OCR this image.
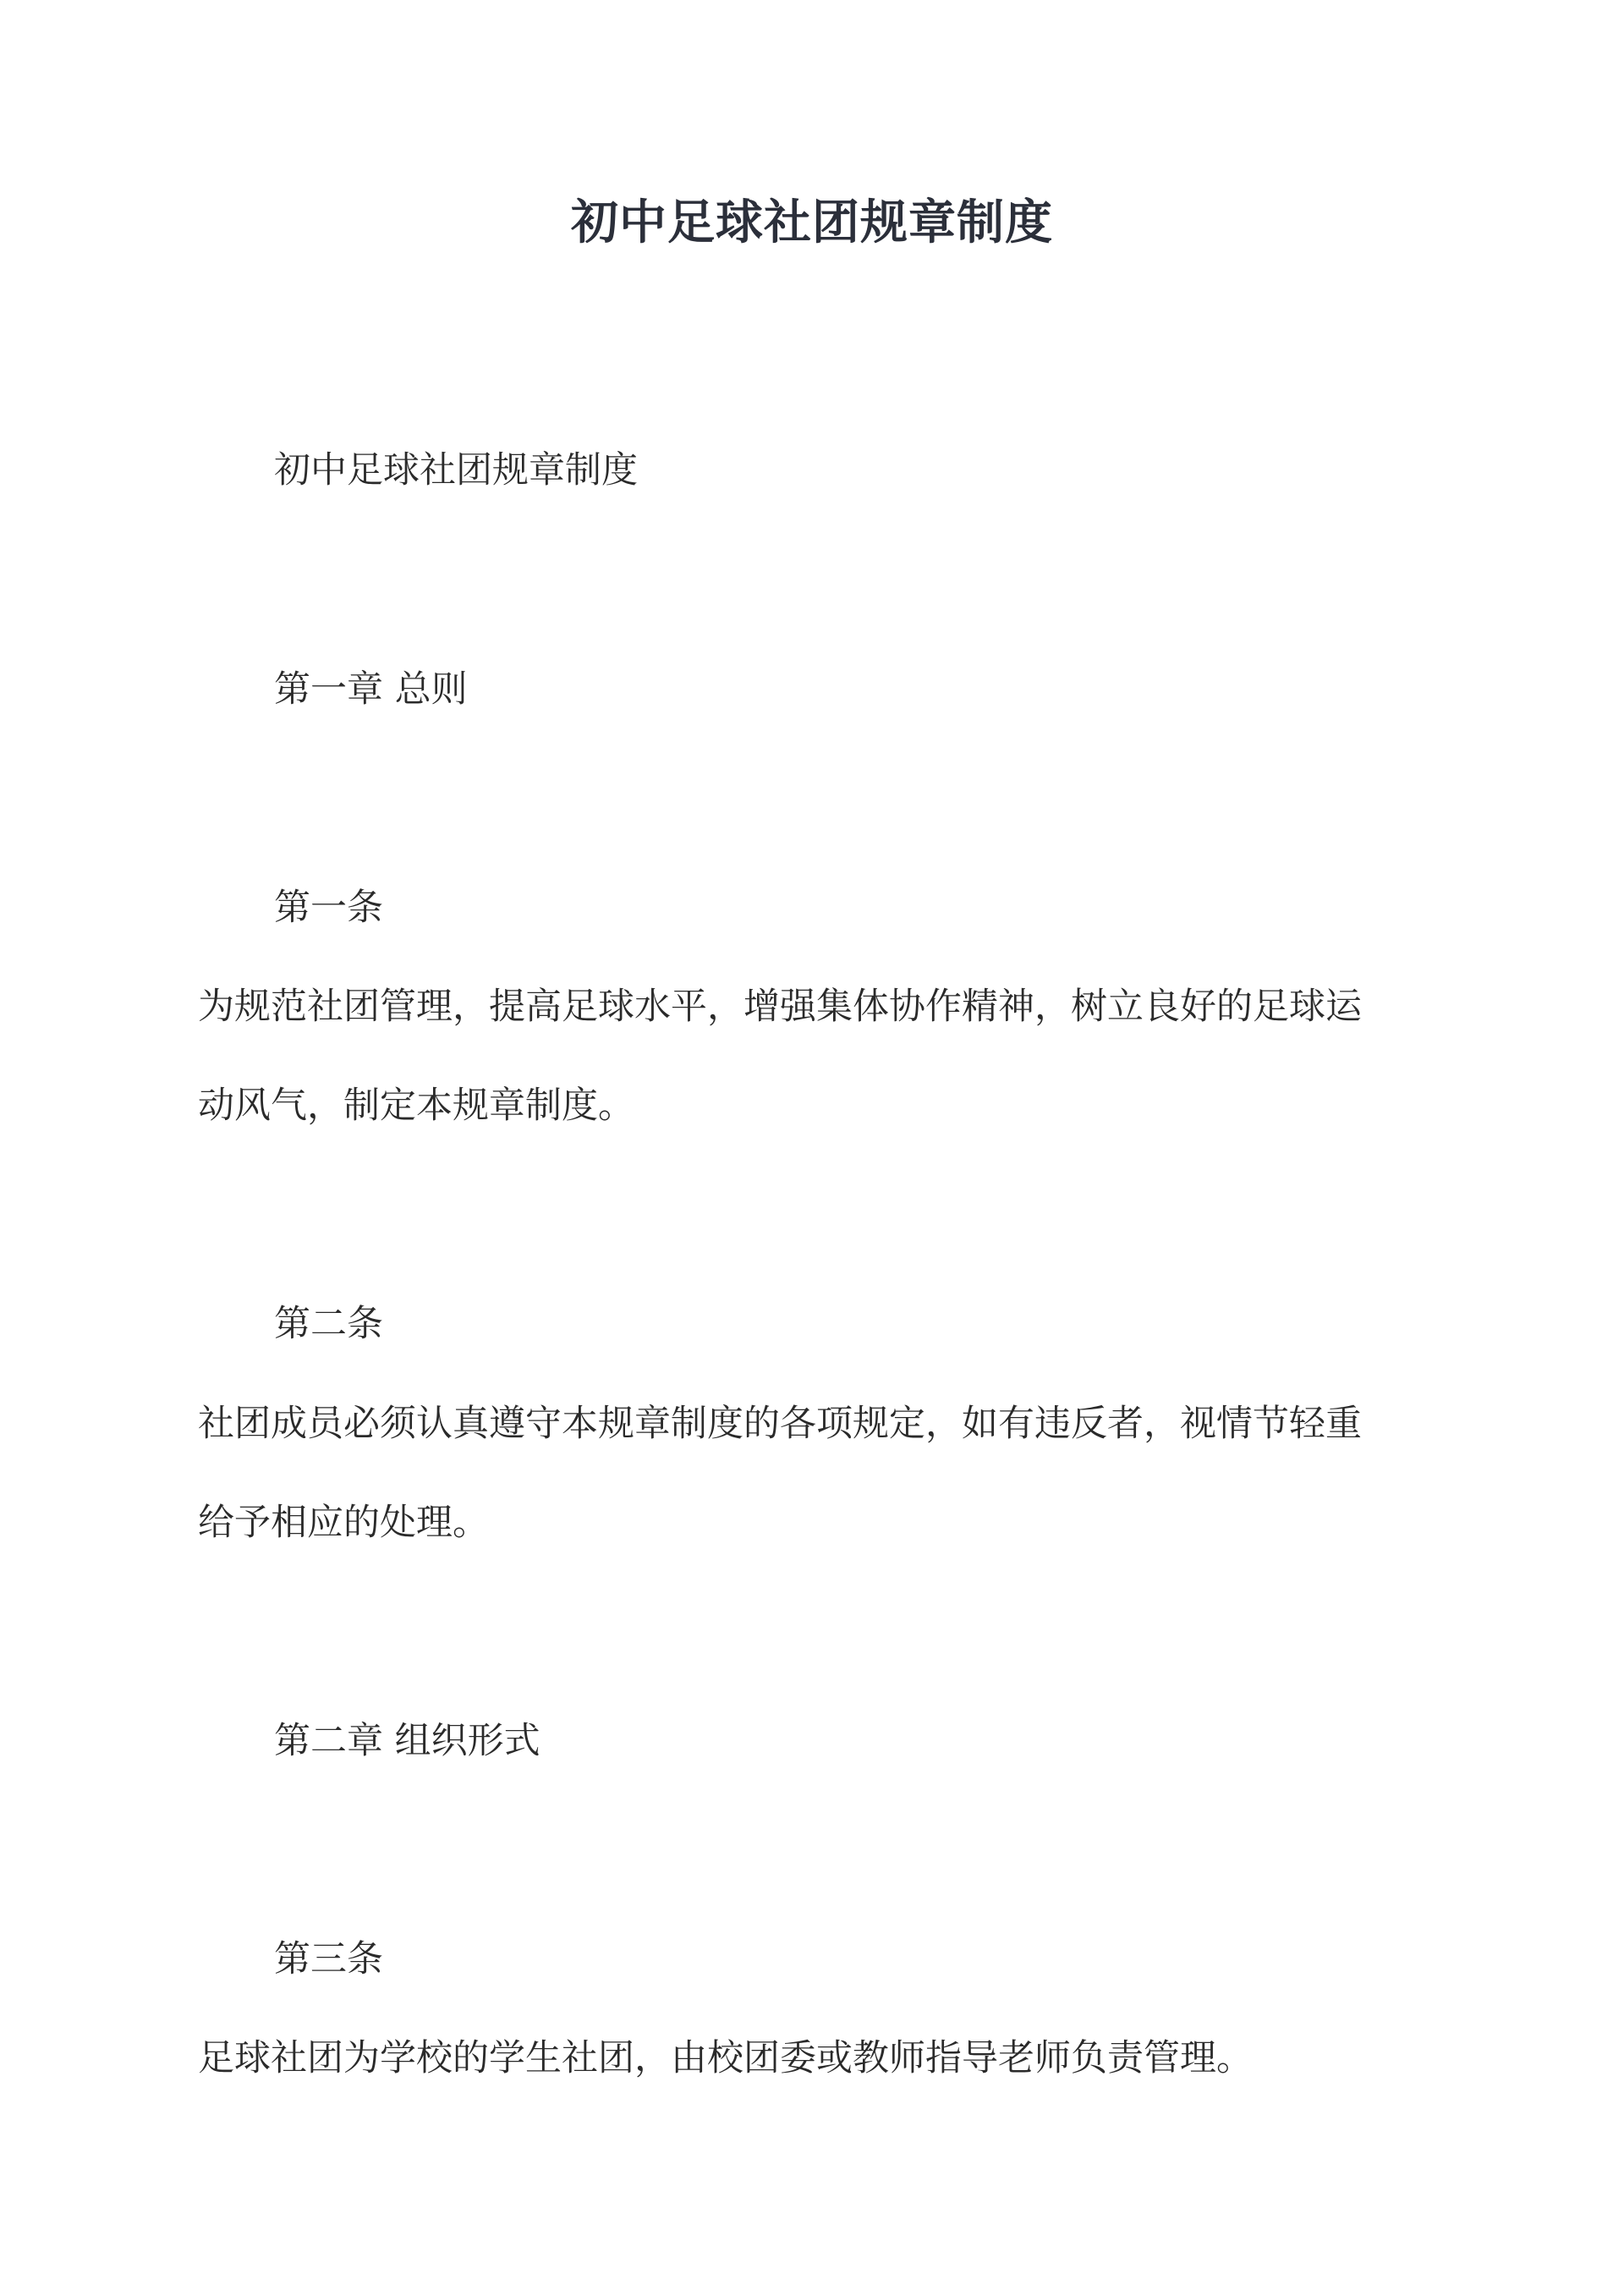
初中足球社团规章制度
初中足球社团规章制度
第一章 总则
第一条
为规范社团管理，提高足球水平，增强集体协作精神，树立良好的足球运
动风气，制定本规章制度。
第二条
社团成员必须认真遵守本规章制度的各项规定，如有违反者，视情节轻重
给予相应的处理。
第二章 组织形式
第三条
足球社团为学校的学生社团，由校团委或教师指导老师负责管理。
